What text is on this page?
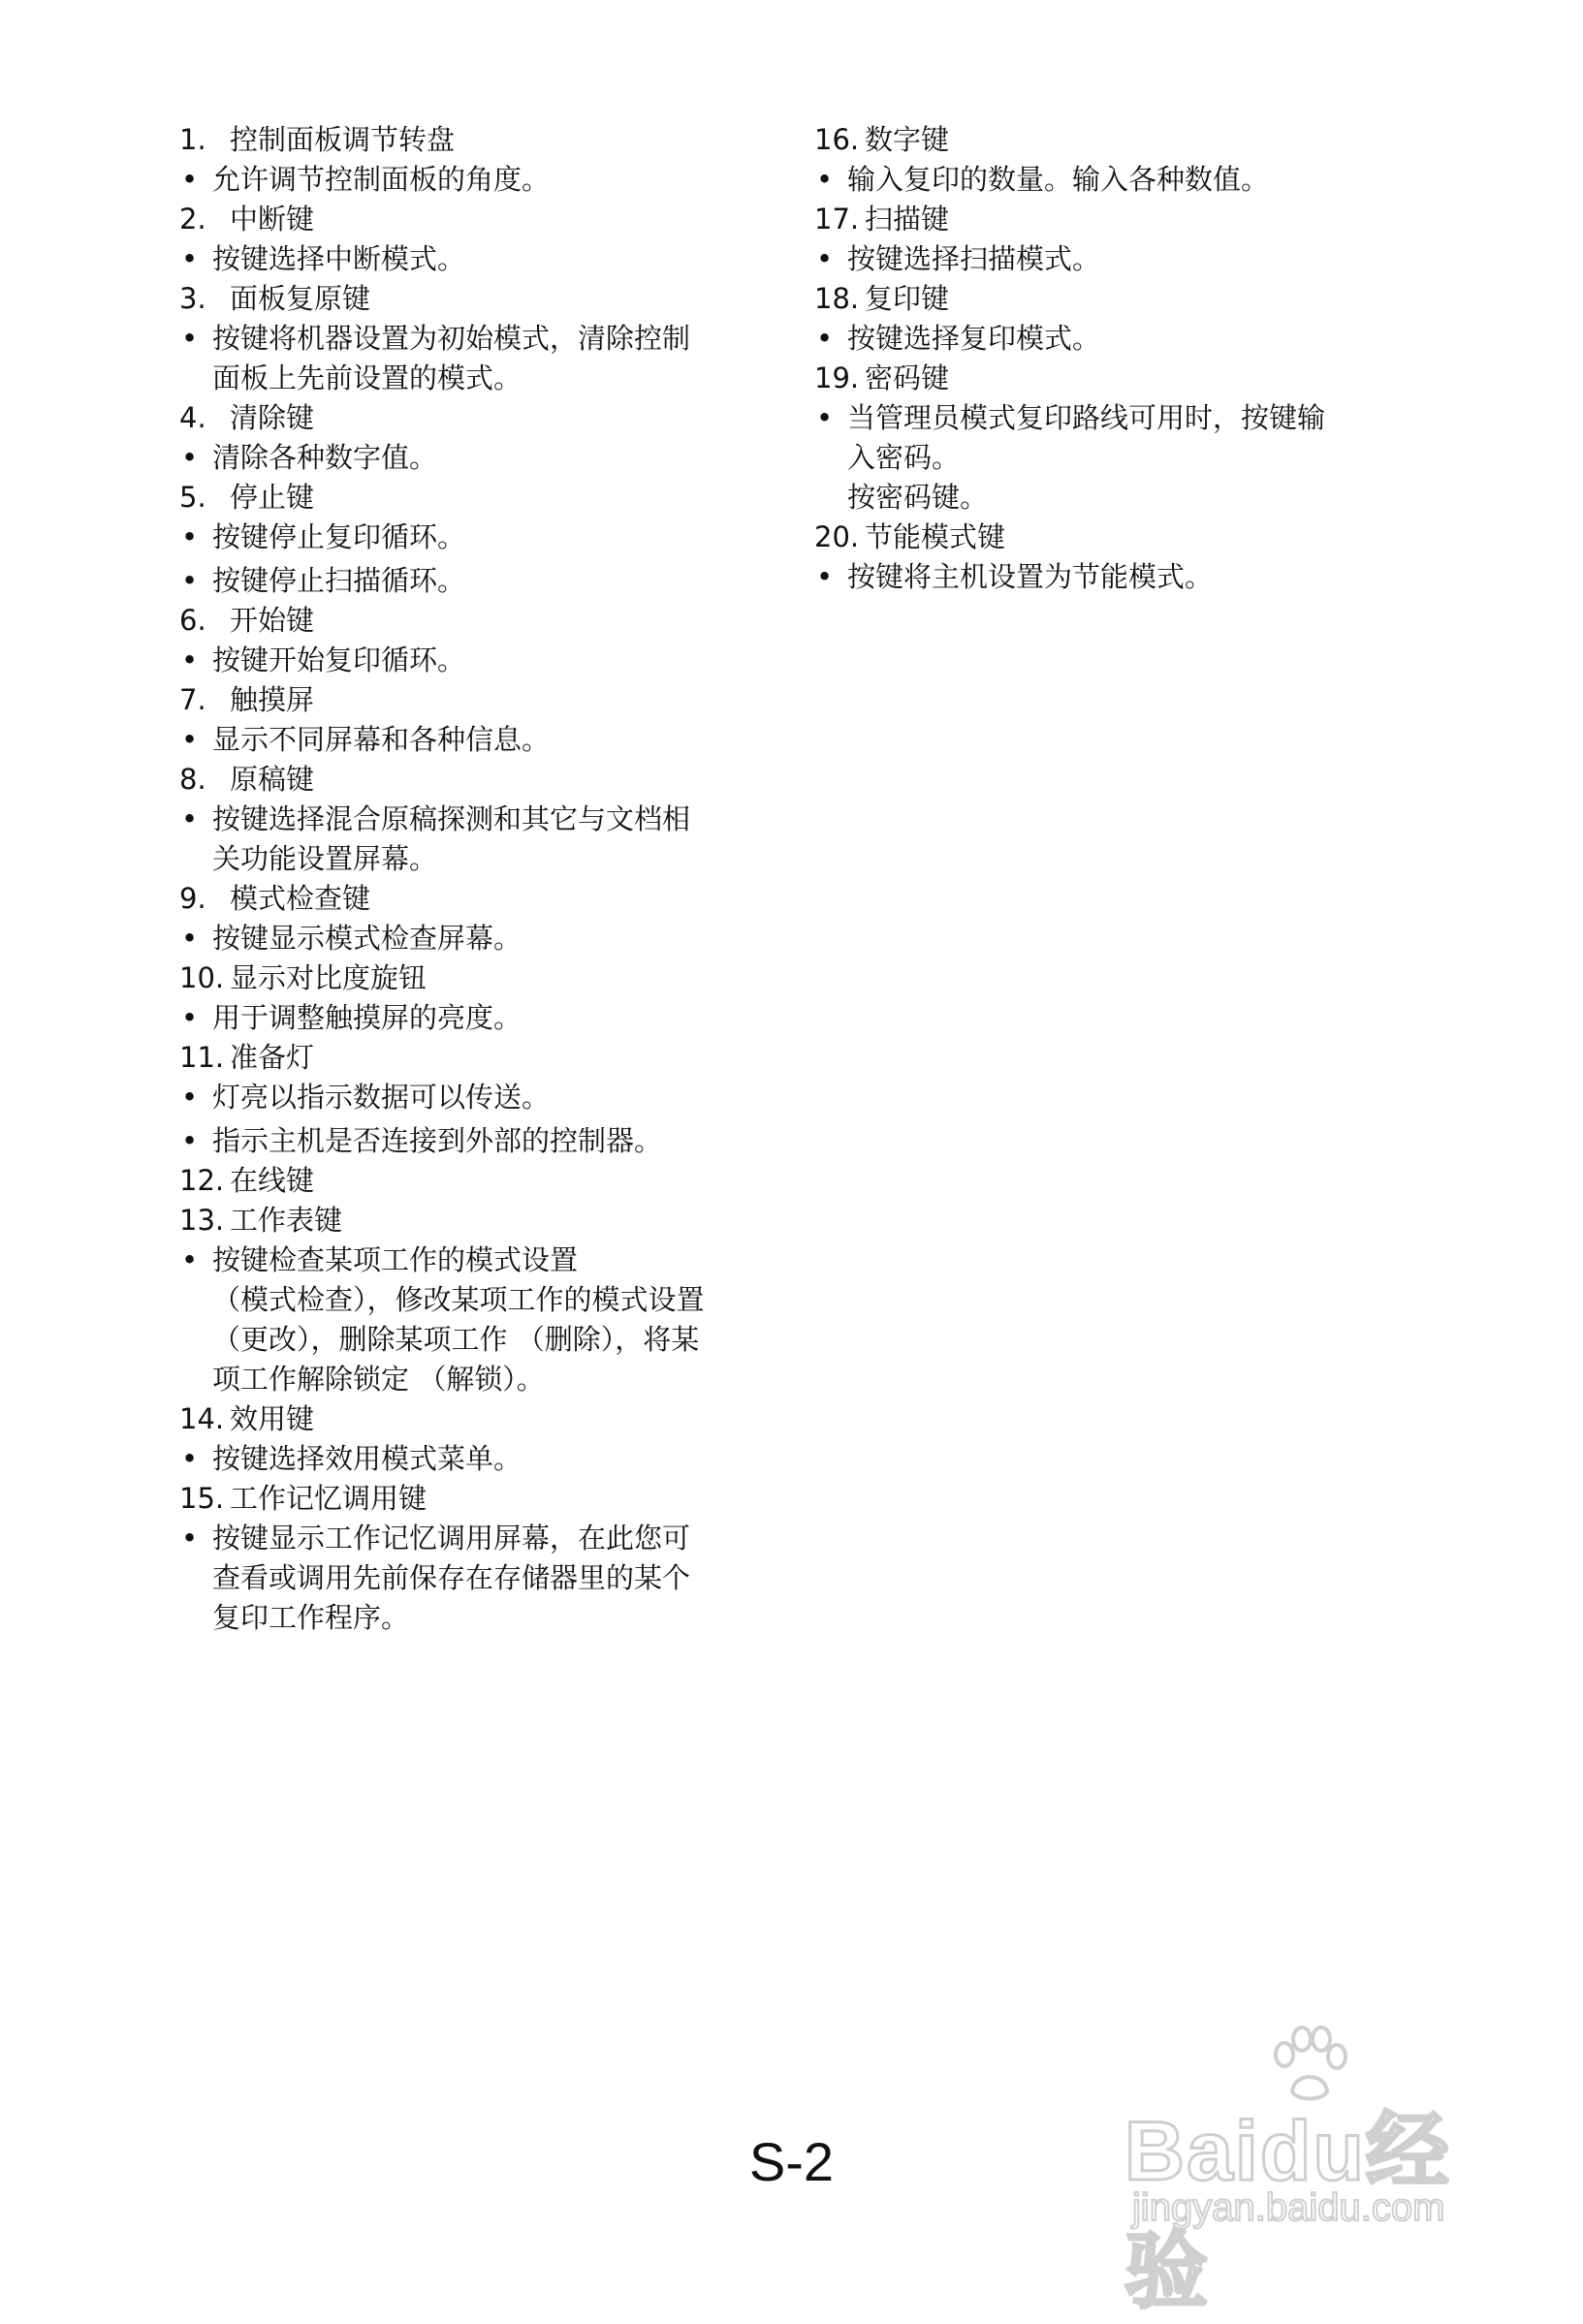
1. 控制面板调节转盘
• 允许调节控制面板的角度。
2. 中断键
• 按键选择中断模式。
3. 面板复原键
• 按键将机器设置为初始模式，清除控制
面板上先前设置的模式。
4. 清除键
• 清除各种数字值。
5. 停止键
• 按键停止复印循环。
• 按键停止扫描循环。
6. 开始键
• 按键开始复印循环。
7. 触摸屏
• 显示不同屏幕和各种信息。
8. 原稿键
• 按键选择混合原稿探测和其它与文档相
关功能设置屏幕。
9. 模式检查键
• 按键显示模式检查屏幕。
10. 显示对比度旋钮
• 用于调整触摸屏的亮度。
11. 准备灯
• 灯亮以指示数据可以传送。
• 指示主机是否连接到外部的控制器。
12. 在线键
13. 工作表键
• 按键检查某项工作的模式设置
（模式检查），修改某项工作的模式设置
（更改），删除某项工作 （删除），将某
项工作解除锁定 （解锁）。
14. 效用键
• 按键选择效用模式菜单。
15. 工作记忆调用键
• 按键显示工作记忆调用屏幕，在此您可
查看或调用先前保存在存储器里的某个
复印工作程序。
16. 数字键
• 输入复印的数量。输入各种数值。
17. 扫描键
• 按键选择扫描模式。
18. 复印键
• 按键选择复印模式。
19. 密码键
• 当管理员模式复印路线可用时，按键输
入密码。
按密码键。
20. 节能模式键
• 按键将主机设置为节能模式。
S-2	Baidu经验
jingyan.baidu.com
